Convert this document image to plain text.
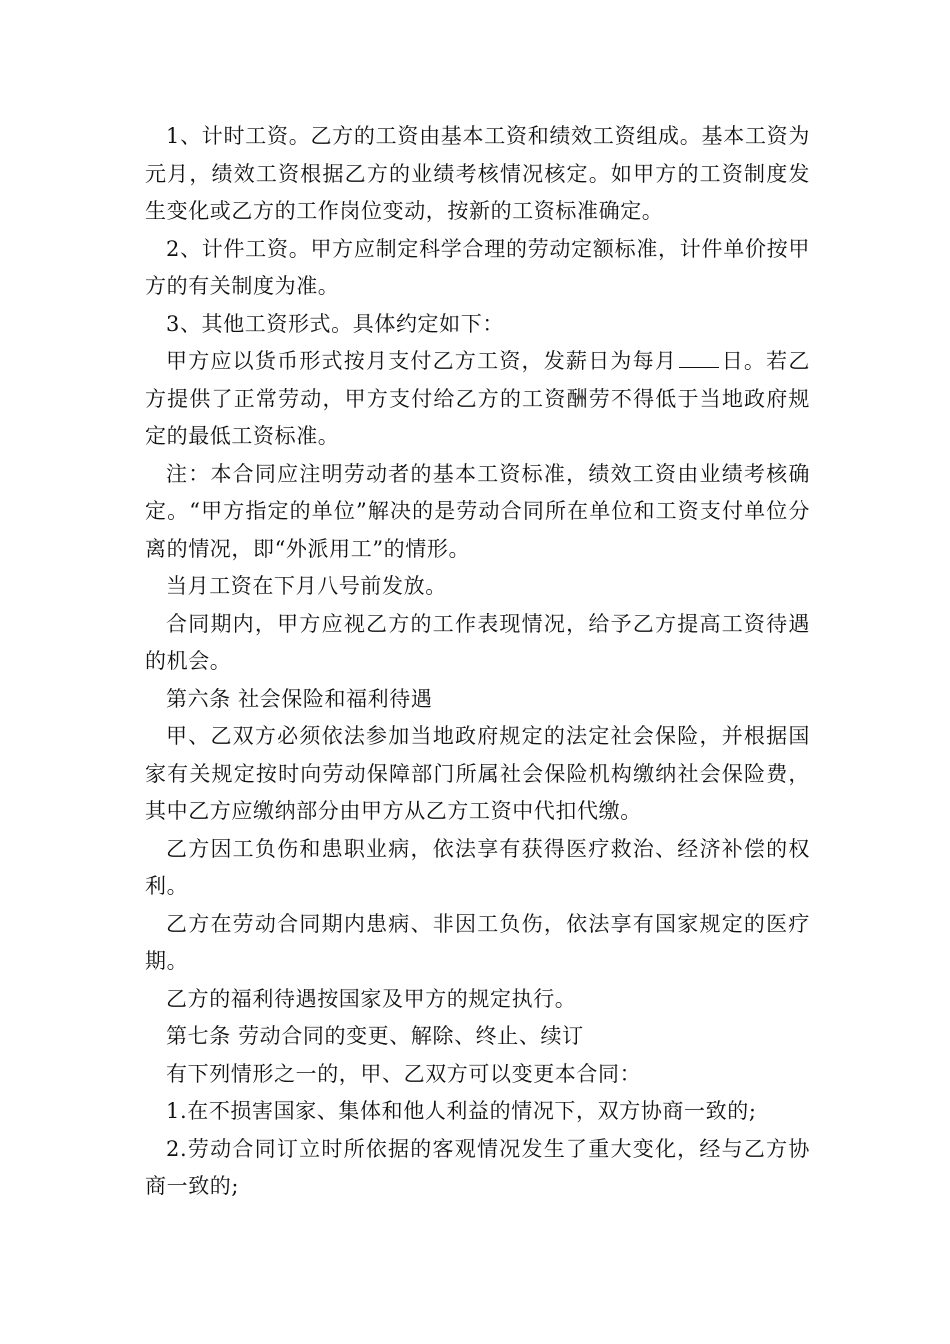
1、计时工资。乙方的工资由基本工资和绩效工资组成。基本工资为 元月，绩效工资根据乙方的业绩考核情况核定。如甲方的工资制度发生变化或乙方的工作岗位变动，按新的工资标准确定。

2、计件工资。甲方应制定科学合理的劳动定额标准，计件单价按甲方的有关制度为准。

3、其他工资形式。具体约定如下：

甲方应以货币形式按月支付乙方工资，发薪日为每月 日。若乙方提供了正常劳动，甲方支付给乙方的工资酬劳不得低于当地政府规定的最低工资标准。

注：本合同应注明劳动者的基本工资标准，绩效工资由业绩考核确定。“甲方指定的单位”解决的是劳动合同所在单位和工资支付单位分离的情况，即“外派用工”的情形。

当月工资在下月八号前发放。

合同期内，甲方应视乙方的工作表现情况，给予乙方提高工资待遇的机会。

第六条 社会保险和福利待遇

甲、乙双方必须依法参加当地政府规定的法定社会保险，并根据国家有关规定按时向劳动保障部门所属社会保险机构缴纳社会保险费，其中乙方应缴纳部分由甲方从乙方工资中代扣代缴。

乙方因工负伤和患职业病，依法享有获得医疗救治、经济补偿的权利。

乙方在劳动合同期内患病、非因工负伤，依法享有国家规定的医疗期。

乙方的福利待遇按国家及甲方的规定执行。

第七条 劳动合同的变更、解除、终止、续订

有下列情形之一的，甲、乙双方可以变更本合同：

1.在不损害国家、集体和他人利益的情况下，双方协商一致的;

2.劳动合同订立时所依据的客观情况发生了重大变化，经与乙方协商一致的;
